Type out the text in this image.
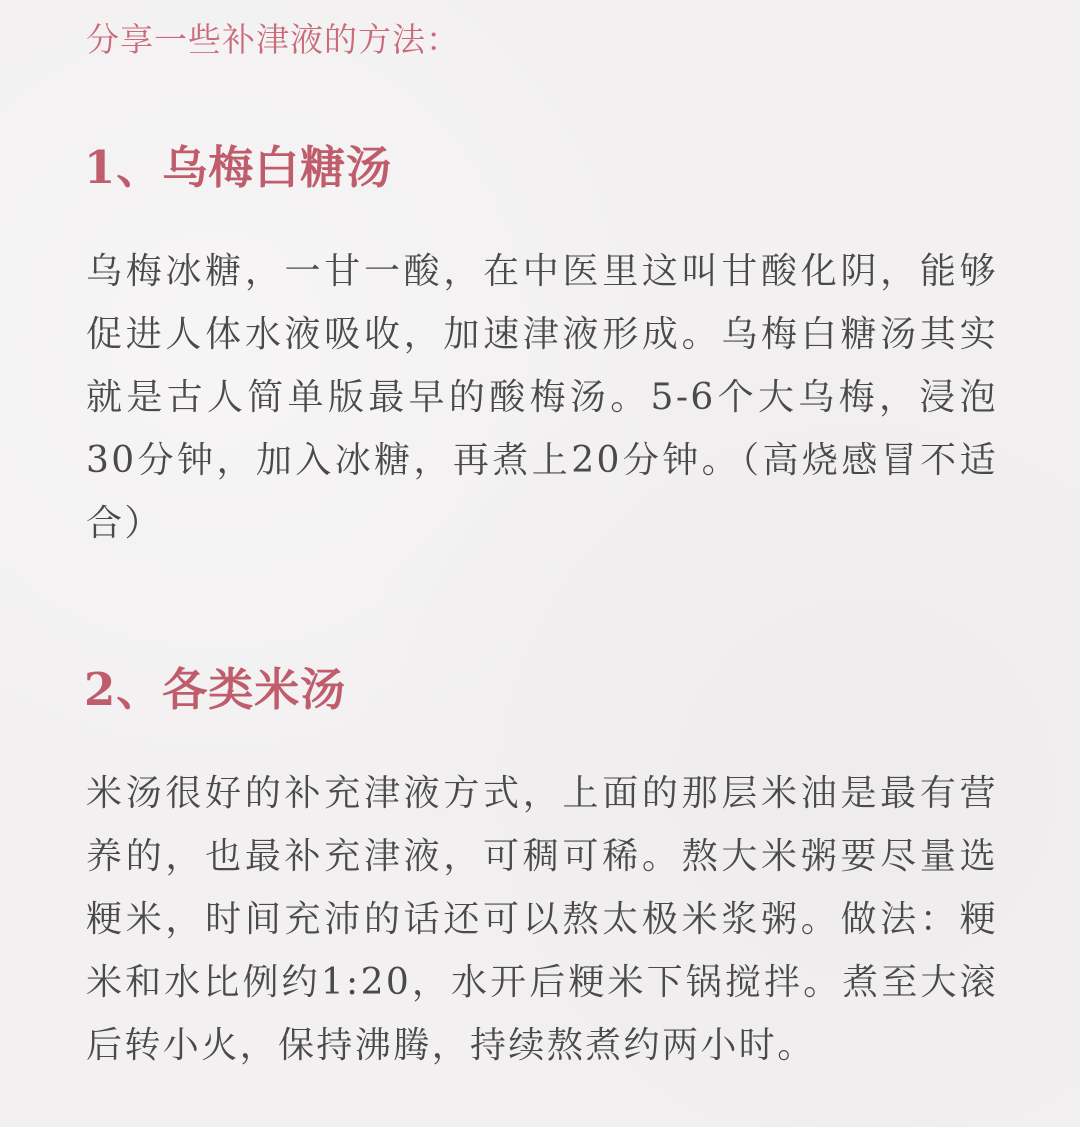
分享一些补津液的方法：

1、乌梅白糖汤

乌梅冰糖，一甘一酸，在中医里这叫甘酸化阴，能够促进人体水液吸收，加速津液形成。乌梅白糖汤其实就是古人简单版最早的酸梅汤。5-6个大乌梅，浸泡30分钟，加入冰糖，再煮上20分钟。（高烧感冒不适合）

2、各类米汤

米汤很好的补充津液方式，上面的那层米油是最有营养的，也最补充津液，可稠可稀。熬大米粥要尽量选粳米，时间充沛的话还可以熬太极米浆粥。做法：粳米和水比例约1:20，水开后粳米下锅搅拌。煮至大滚后转小火，保持沸腾，持续熬煮约两小时。
